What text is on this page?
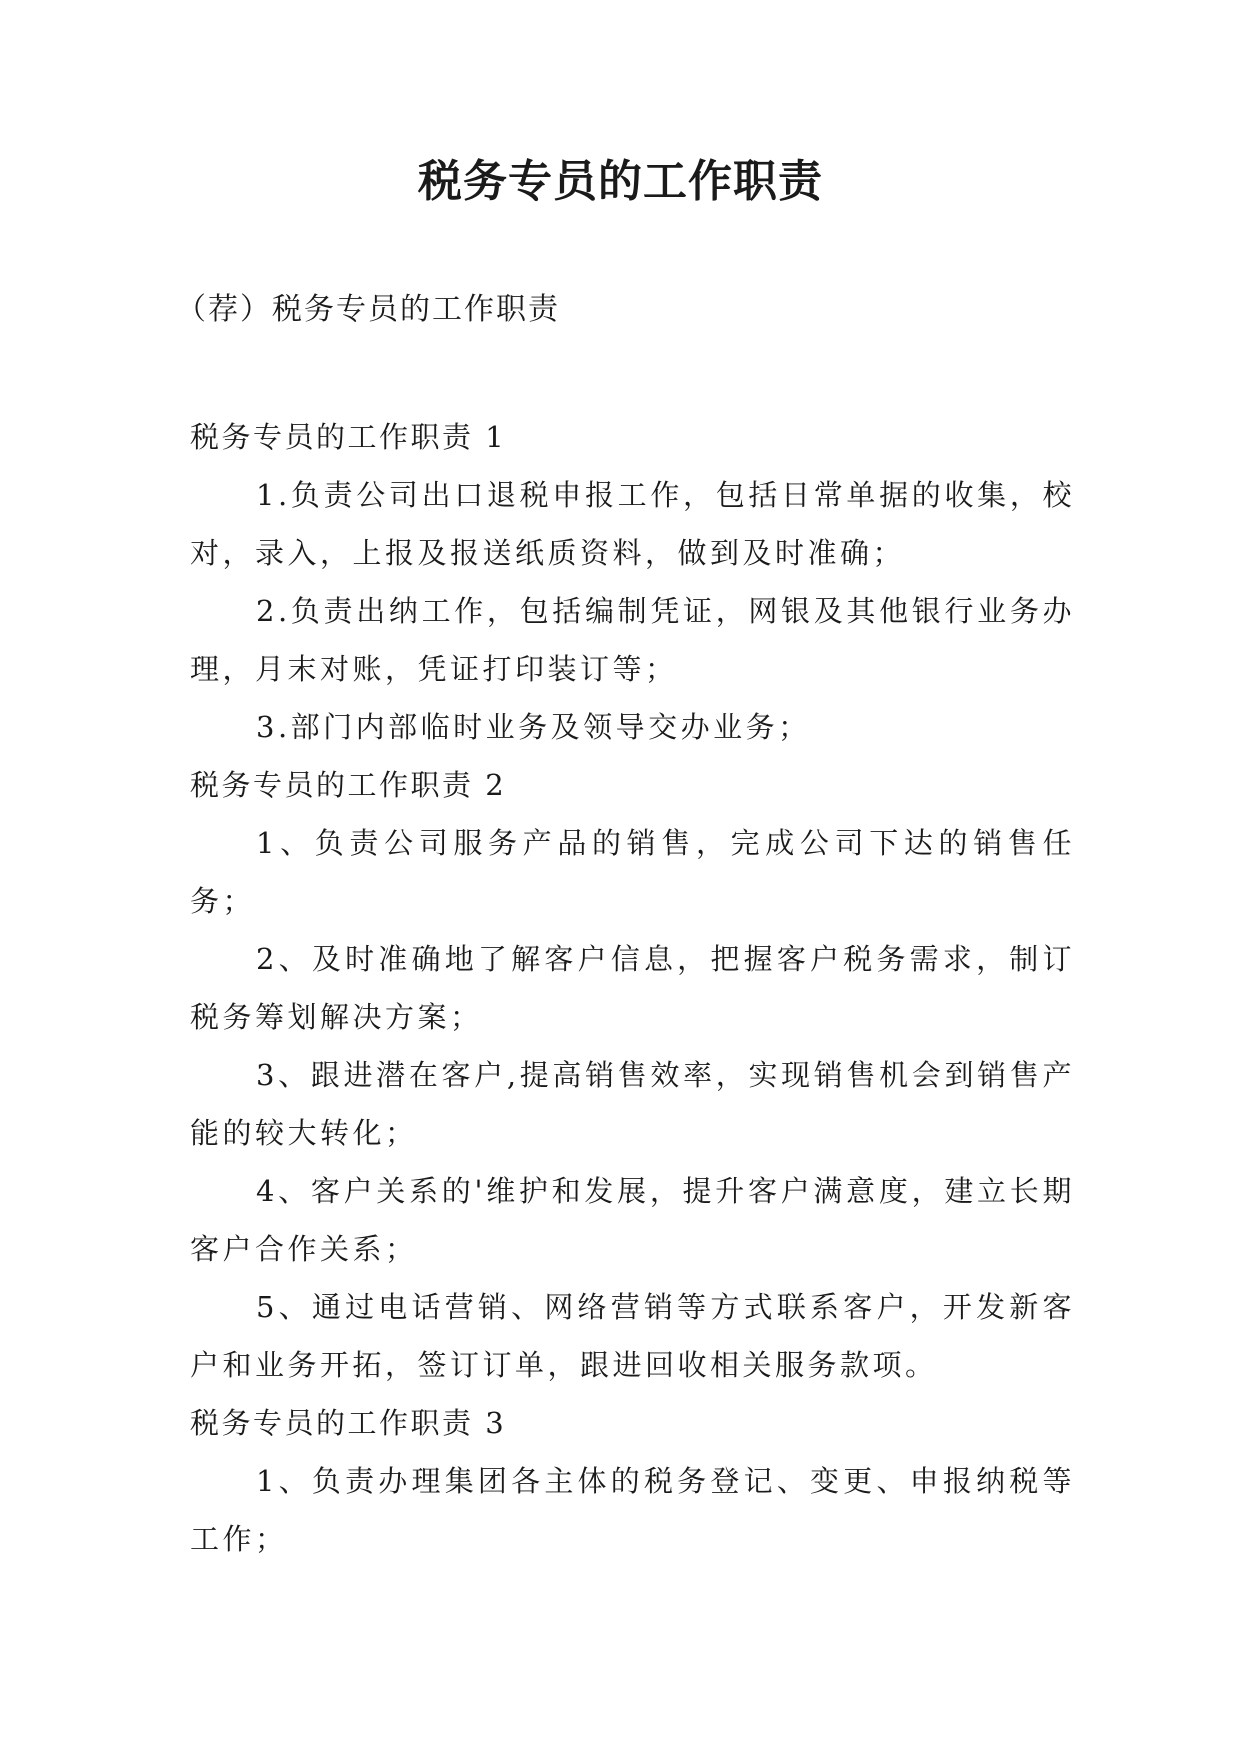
税务专员的工作职责
（荐）税务专员的工作职责

税务专员的工作职责 1

1.负责公司出口退税申报工作，包括日常单据的收集，校对，录入，上报及报送纸质资料，做到及时准确；

2.负责出纳工作，包括编制凭证，网银及其他银行业务办理，月末对账，凭证打印装订等；

3.部门内部临时业务及领导交办业务；

税务专员的工作职责 2

1、负责公司服务产品的销售，完成公司下达的销售任务；

2、及时准确地了解客户信息，把握客户税务需求，制订税务筹划解决方案；

3、跟进潜在客户,提高销售效率，实现销售机会到销售产能的较大转化；

4、客户关系的'维护和发展，提升客户满意度，建立长期客户合作关系；

5、通过电话营销、网络营销等方式联系客户，开发新客户和业务开拓，签订订单，跟进回收相关服务款项。

税务专员的工作职责 3

1、负责办理集团各主体的税务登记、变更、申报纳税等工作；
